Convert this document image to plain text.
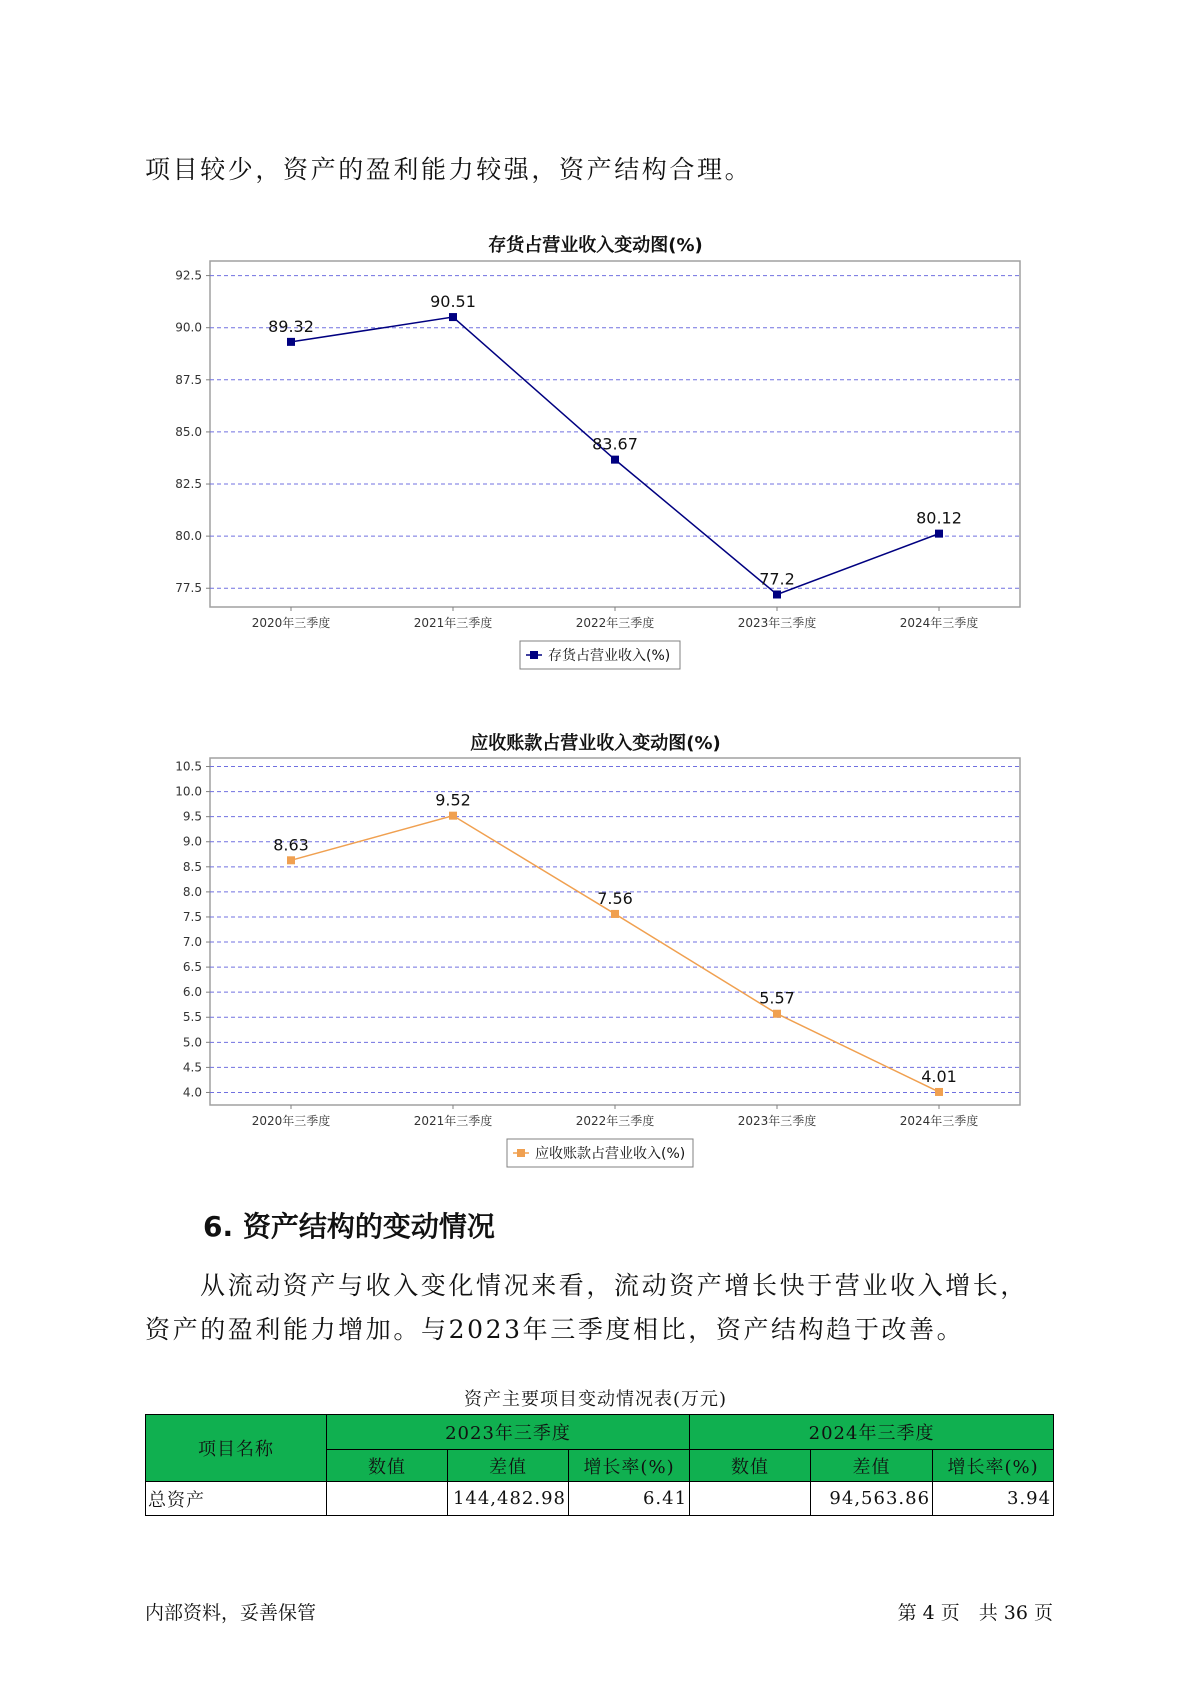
项目较少，资产的盈利能力较强，资产结构合理。

存货占营业收入变动图(%)
77.5
80.0
82.5
85.0
87.5
90.0
92.5
2020年三季度	2021年三季度	2022年三季度	2023年三季度	2024年三季度
89.32
90.51
83.67
77.2
80.12
存货占营业收入(%)
应收账款占营业收入变动图(%)
4.0
4.5
5.0
5.5
6.0
6.5
7.0
7.5
8.0
8.5
9.0
9.5
10.0
10.5
2020年三季度	2021年三季度	2022年三季度	2023年三季度	2024年三季度
8.63
9.52
7.56
5.57
4.01
应收账款占营业收入(%)
6. 资产结构的变动情况

从流动资产与收入变化情况来看，流动资产增长快于营业收入增长，

资产的盈利能力增加。与2023年三季度相比，资产结构趋于改善。

资产主要项目变动情况表(万元)
项目名称	2023年三季度			2024年三季度		
	数值	差值	增长率(%)	数值	差值	增长率(%)
总资产		144,482.98	6.41		94,563.86	3.94
内部资料，妥善保管	第 4 页　共 36 页
